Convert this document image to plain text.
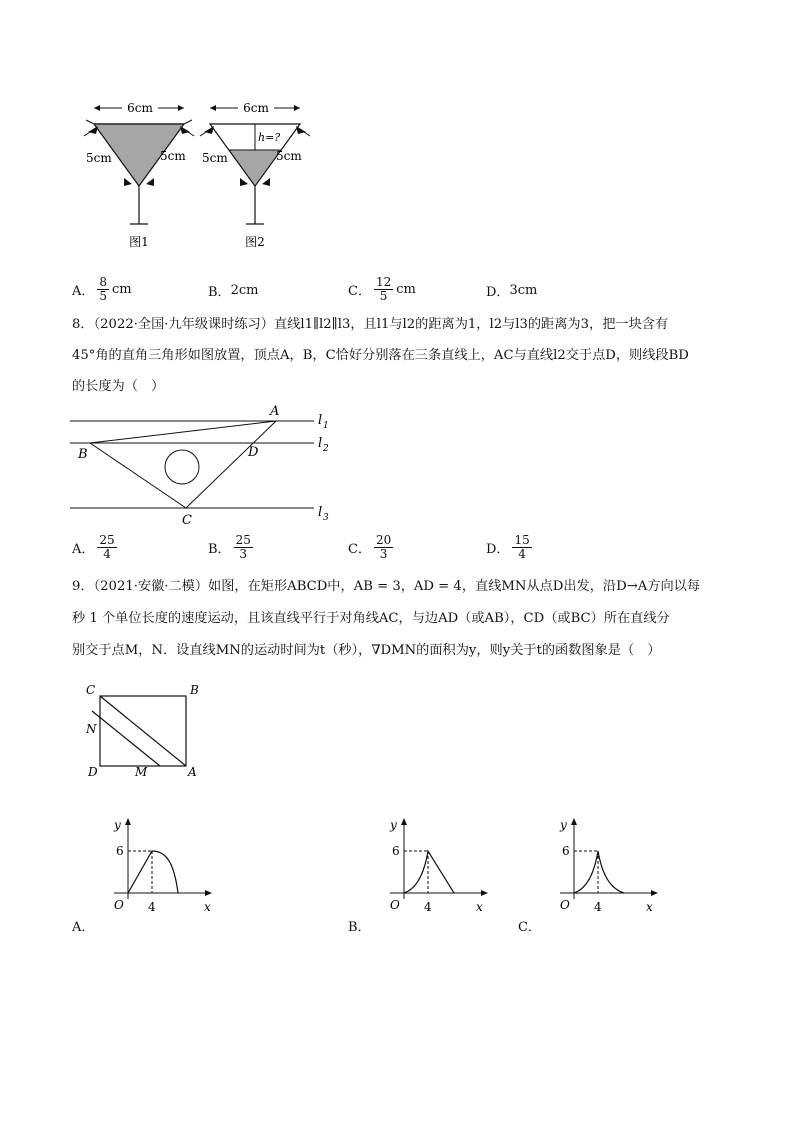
6cm
5cm	5cm
图1
6cm
h=?
5cm	5cm
图2
A． $\frac{8}{5}$ cm	B． 2cm	C． $\frac{12}{5}$ cm	D． 3cm
8．（2022·全国·九年级课时练习）直线l1∥l2∥l3，且l1与l2的距离为1，l2与l3的距离为3，把一块含有
45°角的直角三角形如图放置，顶点A，B，C恰好分别落在三条直线上，AC与直线l2交于点D，则线段BD
的长度为（　）
A
B
C
D
l 1
l 2
l 3
A． $\frac{25}{4}$	B． $\frac{25}{3}$	C． $\frac{20}{3}$	D． $\frac{15}{4}$
9．（2021·安徽·二模）如图，在矩形ABCD中，AB = 3，AD = 4，直线MN从点D出发，沿D→A方向以每
秒 1 个单位长度的速度运动，且该直线平行于对角线AC，与边AD（或AB），CD（或BC）所在直线分
别交于点M，N．设直线MN的运动时间为t（秒），∇DMN的面积为y，则y关于t的函数图象是（　）
C	B
N
D	M	A
y
x
O
6
4
A．
y
x
O
6
4
B．
y
x
O
6
4
C．
